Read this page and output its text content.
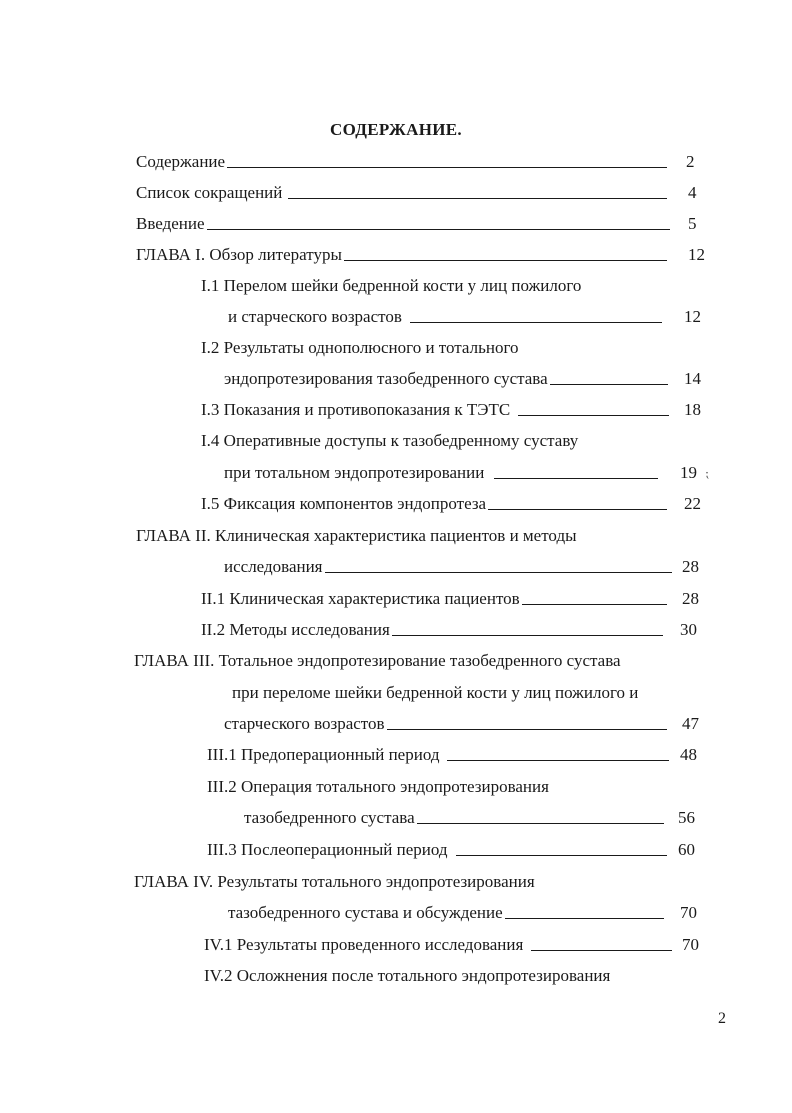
СОДЕРЖАНИЕ.
Содержание	2
Список сокращений	4
Введение	5
ГЛАВА I. Обзор литературы	12
I.1 Перелом шейки бедренной кости у лиц пожилого
и старческого возрастов	12
I.2 Результаты однополюсного и тотального
эндопротезирования тазобедренного сустава	14
I.3 Показания и противопоказания к ТЭТС	18
I.4 Оперативные доступы к тазобедренному суставу
при тотальном эндопротезировании	19 ⁏
I.5 Фиксация компонентов эндопротеза	22
ГЛАВА II. Клиническая характеристика пациентов и методы
исследования	28
II.1 Клиническая характеристика пациентов	28
II.2 Методы исследования	30
ГЛАВА III. Тотальное эндопротезирование тазобедренного сустава
при переломе шейки бедренной кости у лиц пожилого и
старческого возрастов	47
III.1 Предоперационный период	48
III.2 Операция тотального эндопротезирования
тазобедренного сустава	56
III.3 Послеоперационный период	60
ГЛАВА IV. Результаты тотального эндопротезирования
тазобедренного сустава и обсуждение	70
IV.1 Результаты проведенного исследования	70
IV.2 Осложнения после тотального эндопротезирования
2
